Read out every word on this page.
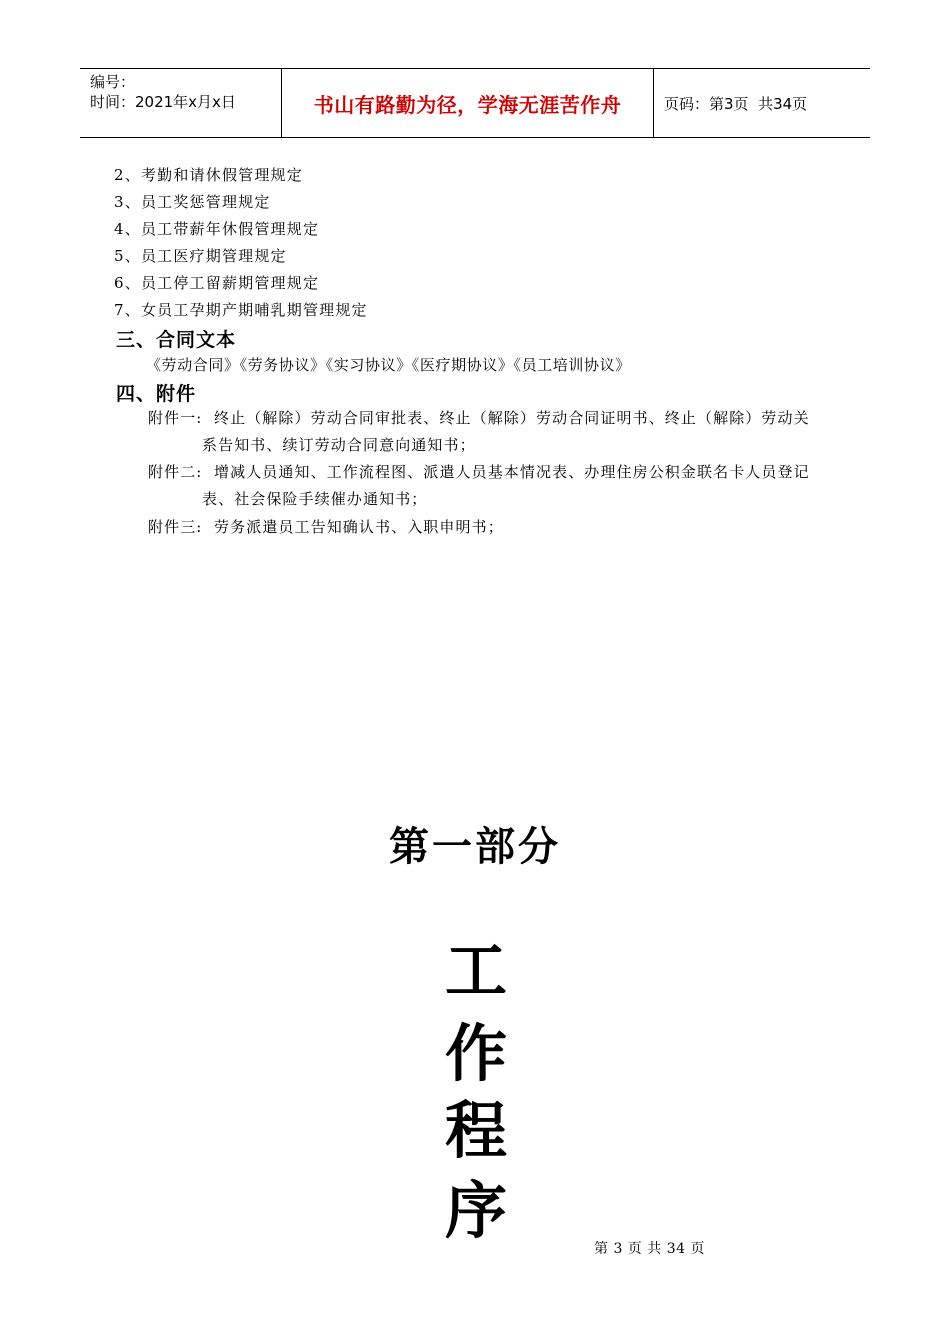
编号：
时间：2021年x月x日	书山有路勤为径，学海无涯苦作舟	页码：第3页  共34页
2、考勤和请休假管理规定
3、员工奖惩管理规定
4、员工带薪年休假管理规定
5、员工医疗期管理规定
6、员工停工留薪期管理规定
7、女员工孕期产期哺乳期管理规定
三、合同文本
《劳动合同》《劳务协议》《实习协议》《医疗期协议》《员工培训协议》
四、附件
附件一: 终止（解除）劳动合同审批表、终止（解除）劳动合同证明书、终止（解除）劳动关
系告知书、续订劳动合同意向通知书；
附件二: 增减人员通知、工作流程图、派遣人员基本情况表、办理住房公积金联名卡人员登记
表、社会保险手续催办通知书；
附件三: 劳务派遣员工告知确认书、入职申明书；
第一部分
工
作
程
序
第 3 页 共 34 页
